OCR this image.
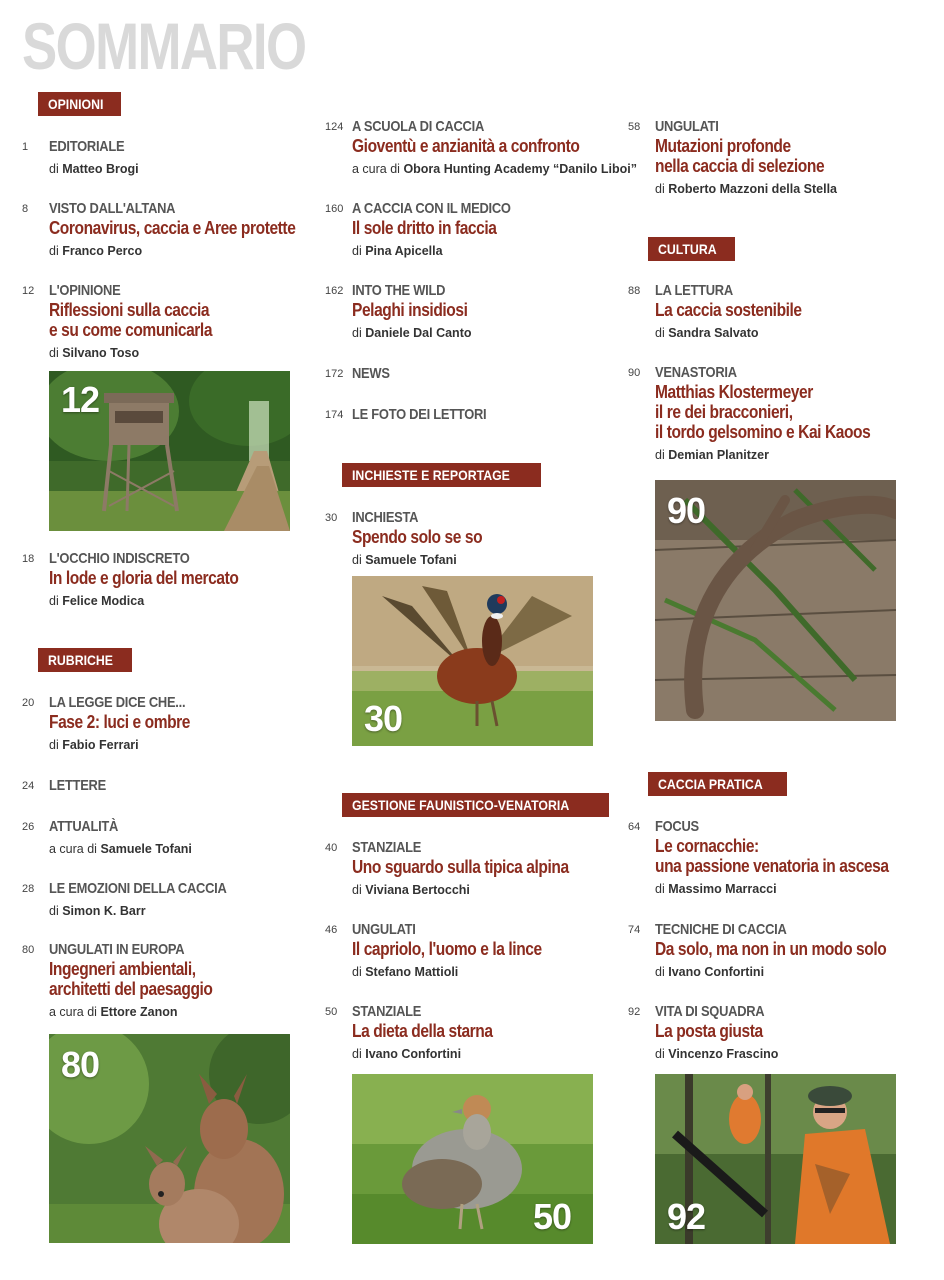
SOMMARIO
OPINIONI
1	EDITORIALE
di Matteo Brogi
8	VISTO DALL'ALTANA
Coronavirus, caccia e Aree protette
di Franco Perco
12 L'OPINIONE
Riflessioni sulla caccia
e su come comunicarla
di Silvano Toso
12
18 L'OCCHIO INDISCRETO
In lode e gloria del mercato
di Felice Modica
RUBRICHE
20 LA LEGGE DICE CHE...
Fase 2: luci e ombre
di Fabio Ferrari
24 LETTERE
26 ATTUALITÀ
a cura di Samuele Tofani
28 LE EMOZIONI DELLA CACCIA
di Simon K. Barr
80 UNGULATI IN EUROPA
Ingegneri ambientali,
architetti del paesaggio
a cura di Ettore Zanon
80
124 A SCUOLA DI CACCIA
Gioventù e anzianità a confronto
a cura di Obora Hunting Academy “Danilo Liboi”
160 A CACCIA CON IL MEDICO
Il sole dritto in faccia
di Pina Apicella
162 INTO THE WILD
Pelaghi insidiosi
di Daniele Dal Canto
172 NEWS
174 LE FOTO DEI LETTORI
INCHIESTE E REPORTAGE
30 INCHIESTA
Spendo solo se so
di Samuele Tofani
30
GESTIONE FAUNISTICO-VENATORIA
40 STANZIALE
Uno sguardo sulla tipica alpina
di Viviana Bertocchi
46 UNGULATI
Il capriolo, l'uomo e la lince
di Stefano Mattioli
50 STANZIALE
La dieta della starna
di Ivano Confortini
50
58 UNGULATI
Mutazioni profonde
nella caccia di selezione
di Roberto Mazzoni della Stella
CULTURA
88 LA LETTURA
La caccia sostenibile
di Sandra Salvato
90 VENASTORIA
Matthias Klostermeyer
il re dei bracconieri,
il tordo gelsomino e Kai Kaoos
di Demian Planitzer
90
CACCIA PRATICA
64 FOCUS
Le cornacchie:
una passione venatoria in ascesa
di Massimo Marracci
74 TECNICHE DI CACCIA
Da solo, ma non in un modo solo
di Ivano Confortini
92 VITA DI SQUADRA
La posta giusta
di Vincenzo Frascino
92
